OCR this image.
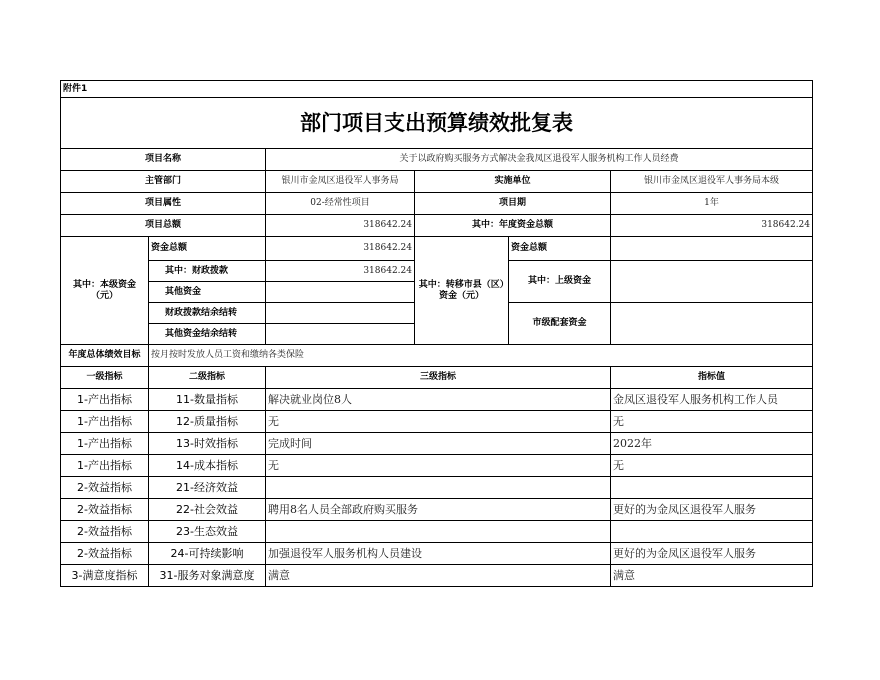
附件1					
部门项目支出预算绩效批复表					
项目名称		关于以政府购买服务方式解决金我凤区退役军人服务机构工作人员经费			
主管部门		银川市金凤区退役军人事务局	实施单位		银川市金凤区退役军人事务局本级
项目属性		02-经常性项目	项目期		1年
项目总额		318642.24	其中：年度资金总额		318642.24
其中：本级资金（元）	资金总额	318642.24	其中：转移市县（区）资金（元）	资金总额	
	其中：财政拨款	318642.24		其中：上级资金	
	其他资金				
	财政拨款结余结转			市级配套资金	
	其他资金结余结转				
年度总体绩效目标	按月按时发放人员工资和缴纳各类保险				
一级指标	二级指标	三级指标			指标值
1-产出指标	11-数量指标	解决就业岗位8人			金凤区退役军人服务机构工作人员
1-产出指标	12-质量指标	无			无
1-产出指标	13-时效指标	完成时间			2022年
1-产出指标	14-成本指标	无			无
2-效益指标	21-经济效益				
2-效益指标	22-社会效益	聘用8名人员全部政府购买服务			更好的为金凤区退役军人服务
2-效益指标	23-生态效益				
2-效益指标	24-可持续影响	加强退役军人服务机构人员建设			更好的为金凤区退役军人服务
3-满意度指标	31-服务对象满意度	满意			满意
